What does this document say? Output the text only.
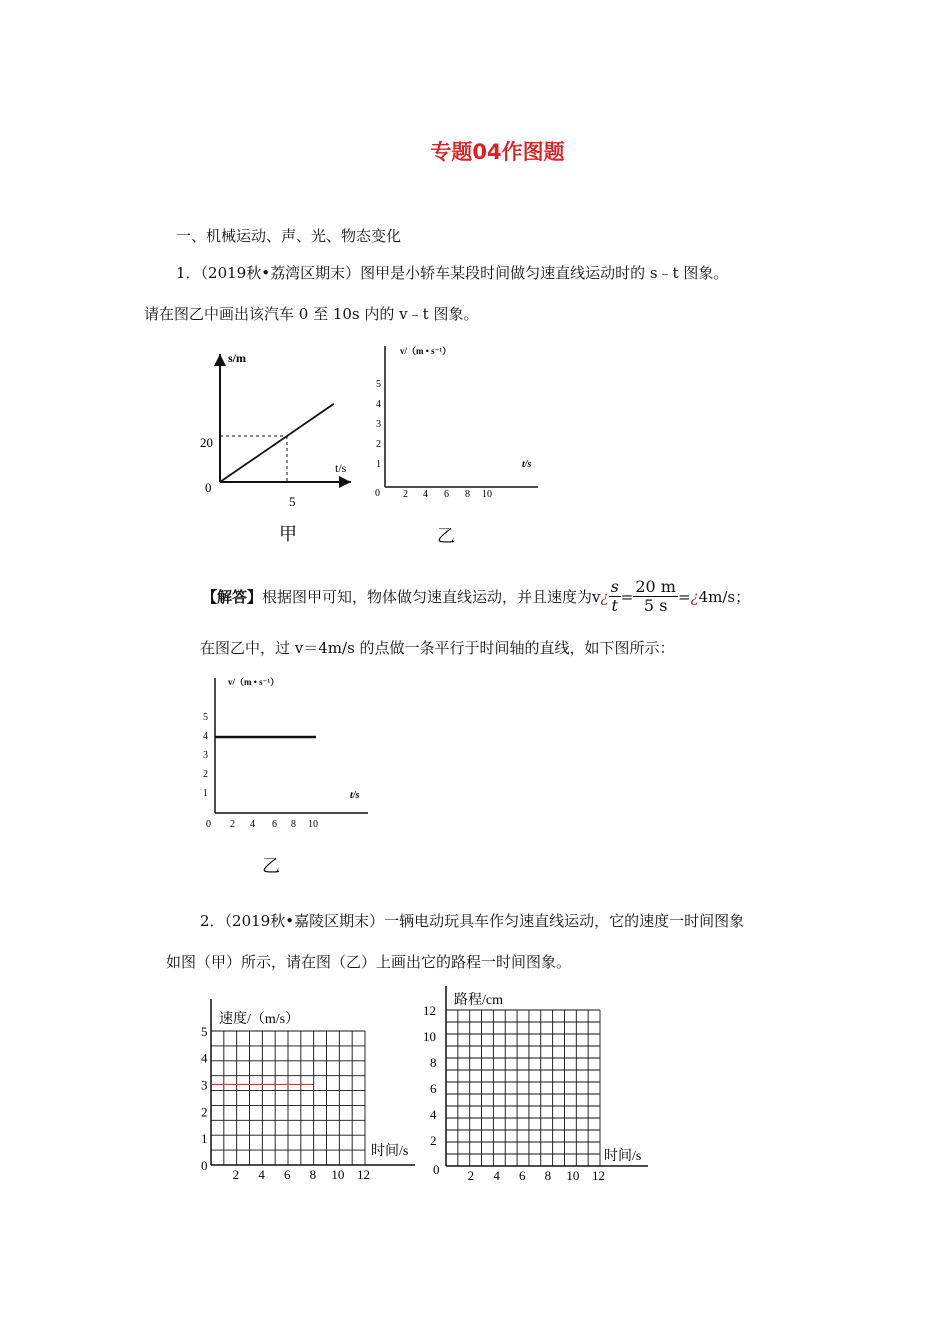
专题04作图题
一、机械运动、声、光、物态变化
1．（2019秋•荔湾区期末）图甲是小轿车某段时间做匀速直线运动时的 s﹣t 图象。
请在图乙中画出该汽车 0 至 10s 内的 v﹣t 图象。
s/m
t/s
0
20
5
甲
v/（m • s⁻¹）
t/s
0
1
2
3
4
5
2 4 6 8 10
乙
【解答】 根据图甲可知，物体做匀速直线运动，并且速度为 v ¿ $\frac{s}{t} = \frac{20 m}{5 s}$ = ¿ 4m/s；
在图乙中，过 v＝4m/s 的点做一条平行于时间轴的直线，如下图所示：
v/（m • s⁻¹）
t/s
0
1
2
3
4
5
2 4 6 8 10
乙
2．（2019秋•嘉陵区期末）一辆电动玩具车作匀速直线运动，它的速度一时间图象
如图（甲）所示，请在图（乙）上画出它的路程一时间图象。
速度/（m/s）
时间/s
0
1
2
3
4
5
2 4 6 8 10 12
路程/cm
时间/s
0
2
4
6
8
10
12
2 4 6 8 10 12
